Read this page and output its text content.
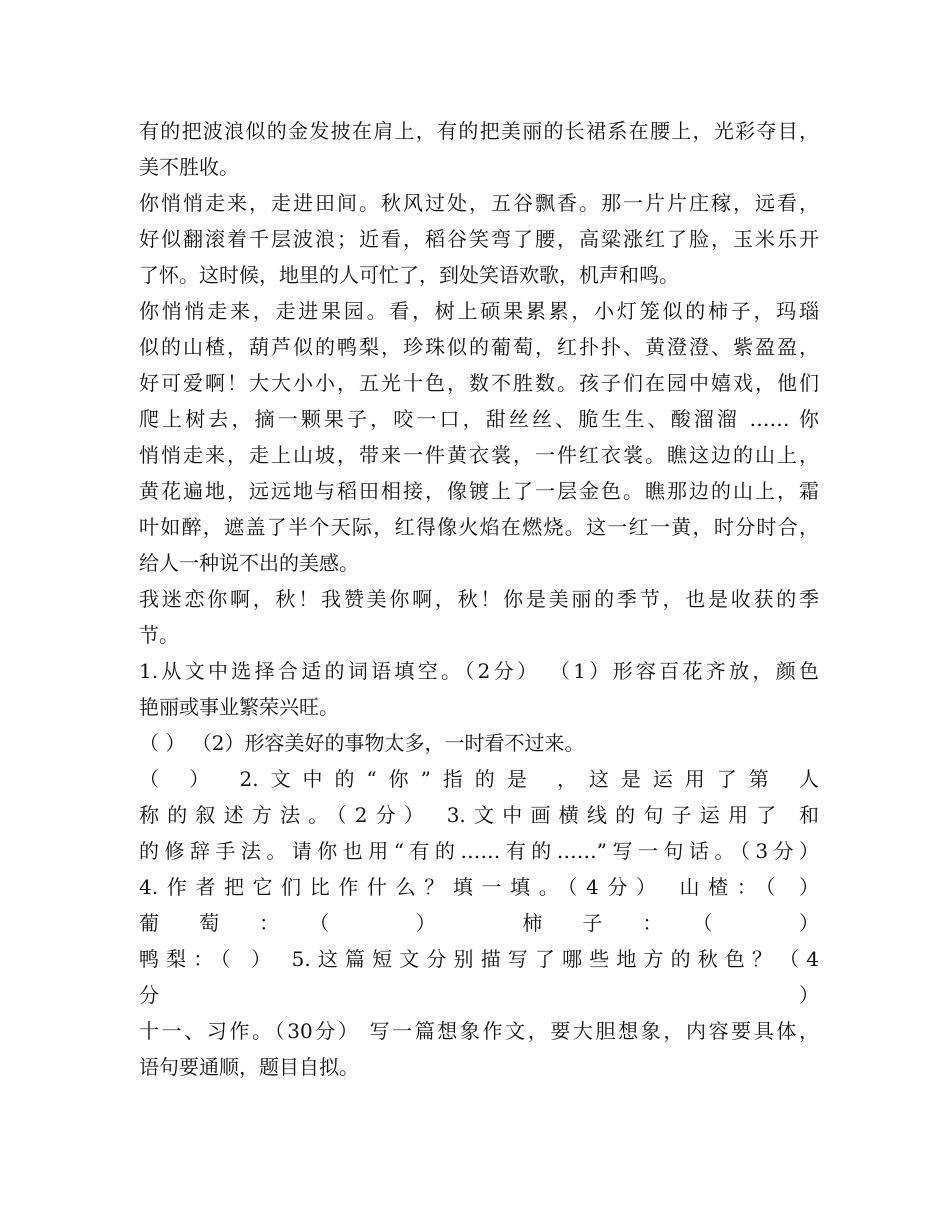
有的把波浪似的金发披在肩上，有的把美丽的长裙系在腰上，光彩夺目，
美不胜收。
你悄悄走来，走进田间。秋风过处，五谷飘香。那一片片庄稼，远看，
好似翻滚着千层波浪；近看，稻谷笑弯了腰，高粱涨红了脸，玉米乐开
了怀。这时候，地里的人可忙了，到处笑语欢歌，机声和鸣。
你悄悄走来，走进果园。看，树上硕果累累，小灯笼似的柿子，玛瑙
似的山楂，葫芦似的鸭梨，珍珠似的葡萄，红扑扑、黄澄澄、紫盈盈，
好可爱啊！大大小小，五光十色，数不胜数。孩子们在园中嬉戏，他们
爬上树去，摘一颗果子，咬一口，甜丝丝、脆生生、酸溜溜 …… 你
悄悄走来，走上山坡，带来一件黄衣裳，一件红衣裳。瞧这边的山上，
黄花遍地，远远地与稻田相接，像镀上了一层金色。瞧那边的山上，霜
叶如醉，遮盖了半个天际，红得像火焰在燃烧。这一红一黄，时分时合，
给人一种说不出的美感。
我迷恋你啊，秋！我赞美你啊，秋！你是美丽的季节，也是收获的季
节。
1.从文中选择合适的词语填空。（2分） （1）形容百花齐放，颜色
艳丽或事业繁荣兴旺。
（ ） （2）形容美好的事物太多，一时看不过来。
（ ） 2.文中的“你”指的是 ，这是运用了第 人
称的叙述方法。（2分） 3.文中画横线的句子运用了 和
的修辞手法。请你也用“有的……有的……”写一句话。（3分）
4.作者把它们比作什么？填一填。（4分） 山楂：（ ）
葡萄：（ ） 柿子：（ ）
鸭梨：（ ） 5.这篇短文分别描写了哪些地方的秋色？（4
分 ）
十一、习作。（30分） 写一篇想象作文，要大胆想象，内容要具体，
语句要通顺，题目自拟。
